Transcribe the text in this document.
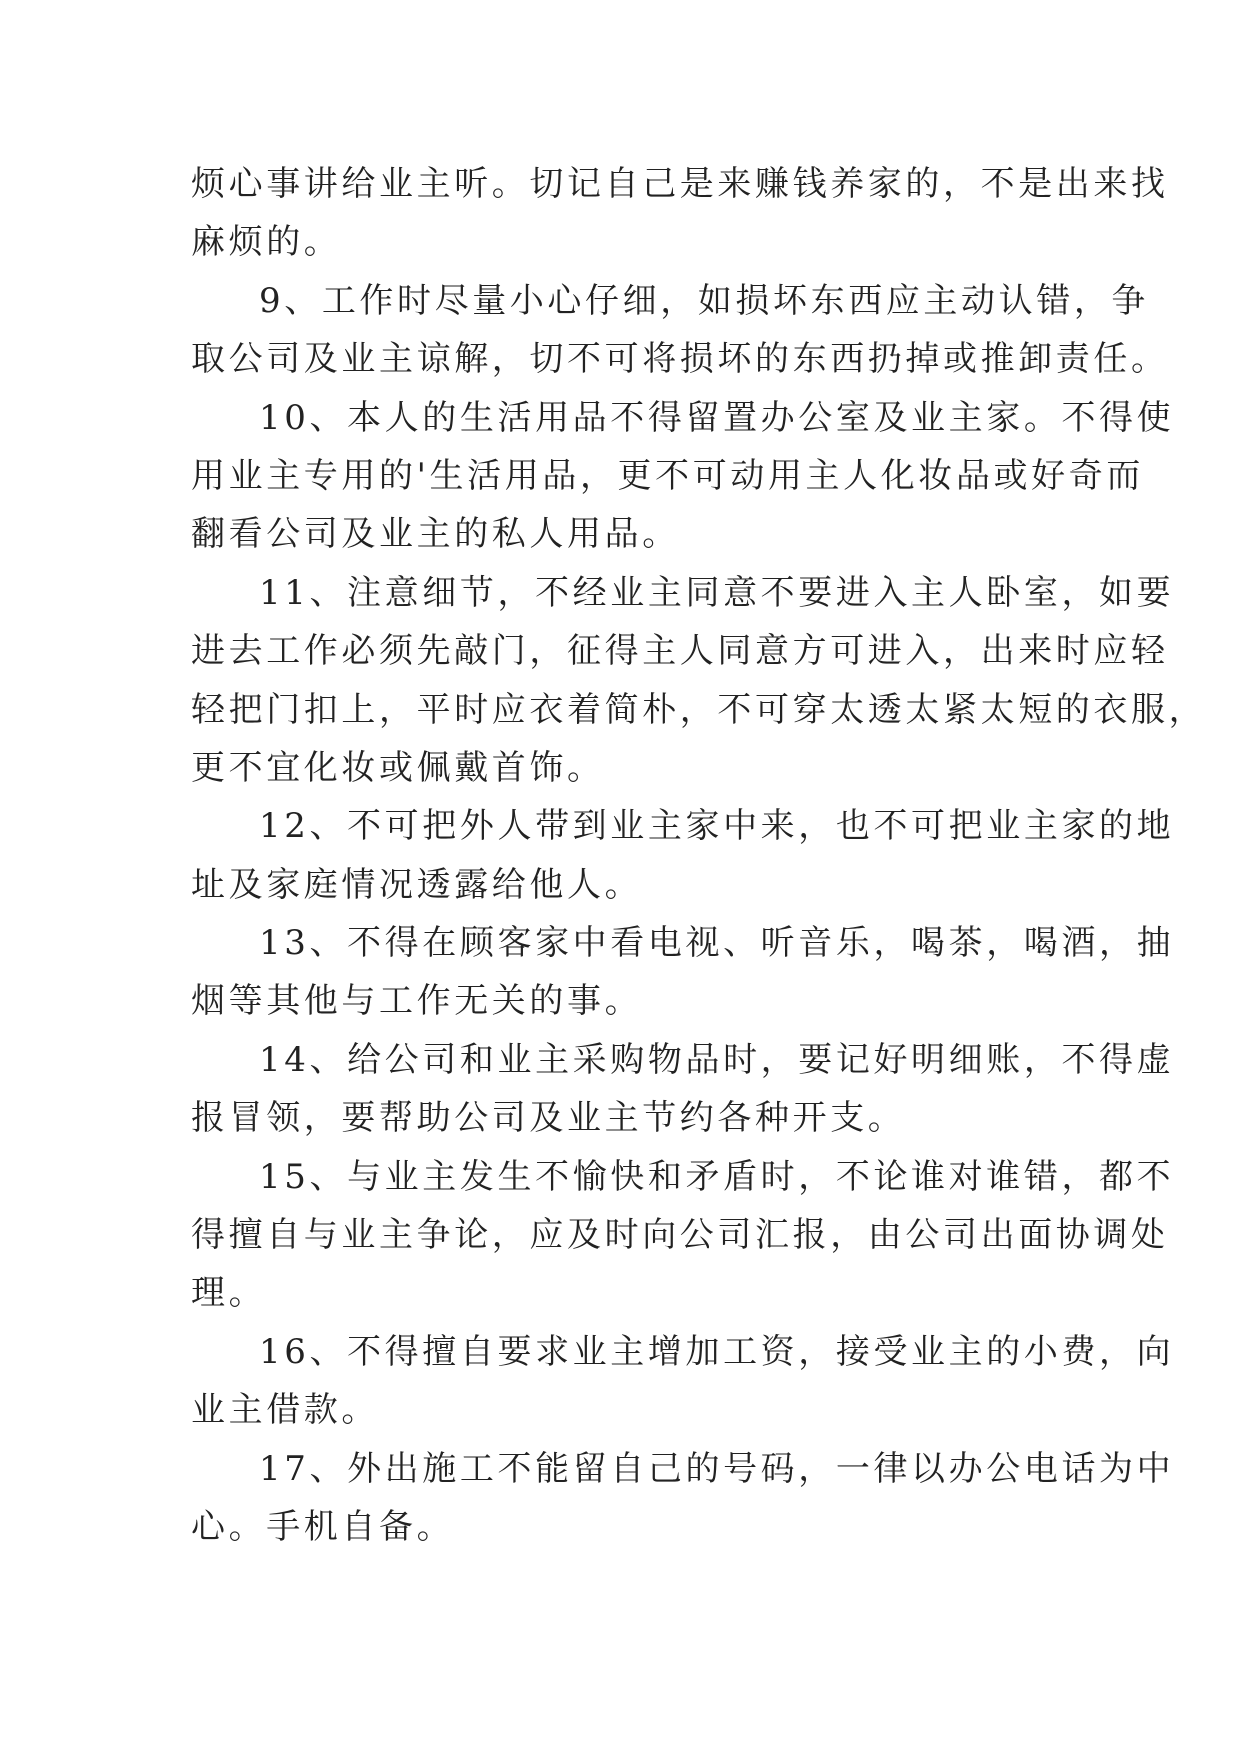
烦心事讲给业主听。切记自己是来赚钱养家的，不是出来找
麻烦的。

9、工作时尽量小心仔细，如损坏东西应主动认错，争
取公司及业主谅解，切不可将损坏的东西扔掉或推卸责任。

10、本人的生活用品不得留置办公室及业主家。不得使
用业主专用的'生活用品，更不可动用主人化妆品或好奇而
翻看公司及业主的私人用品。

11、注意细节，不经业主同意不要进入主人卧室，如要
进去工作必须先敲门，征得主人同意方可进入，出来时应轻
轻把门扣上，平时应衣着简朴，不可穿太透太紧太短的衣服，
更不宜化妆或佩戴首饰。

12、不可把外人带到业主家中来，也不可把业主家的地
址及家庭情况透露给他人。

13、不得在顾客家中看电视、听音乐，喝茶，喝酒，抽
烟等其他与工作无关的事。

14、给公司和业主采购物品时，要记好明细账，不得虚
报冒领，要帮助公司及业主节约各种开支。

15、与业主发生不愉快和矛盾时，不论谁对谁错，都不
得擅自与业主争论，应及时向公司汇报，由公司出面协调处
理。

16、不得擅自要求业主增加工资，接受业主的小费，向
业主借款。

17、外出施工不能留自己的号码，一律以办公电话为中
心。手机自备。
